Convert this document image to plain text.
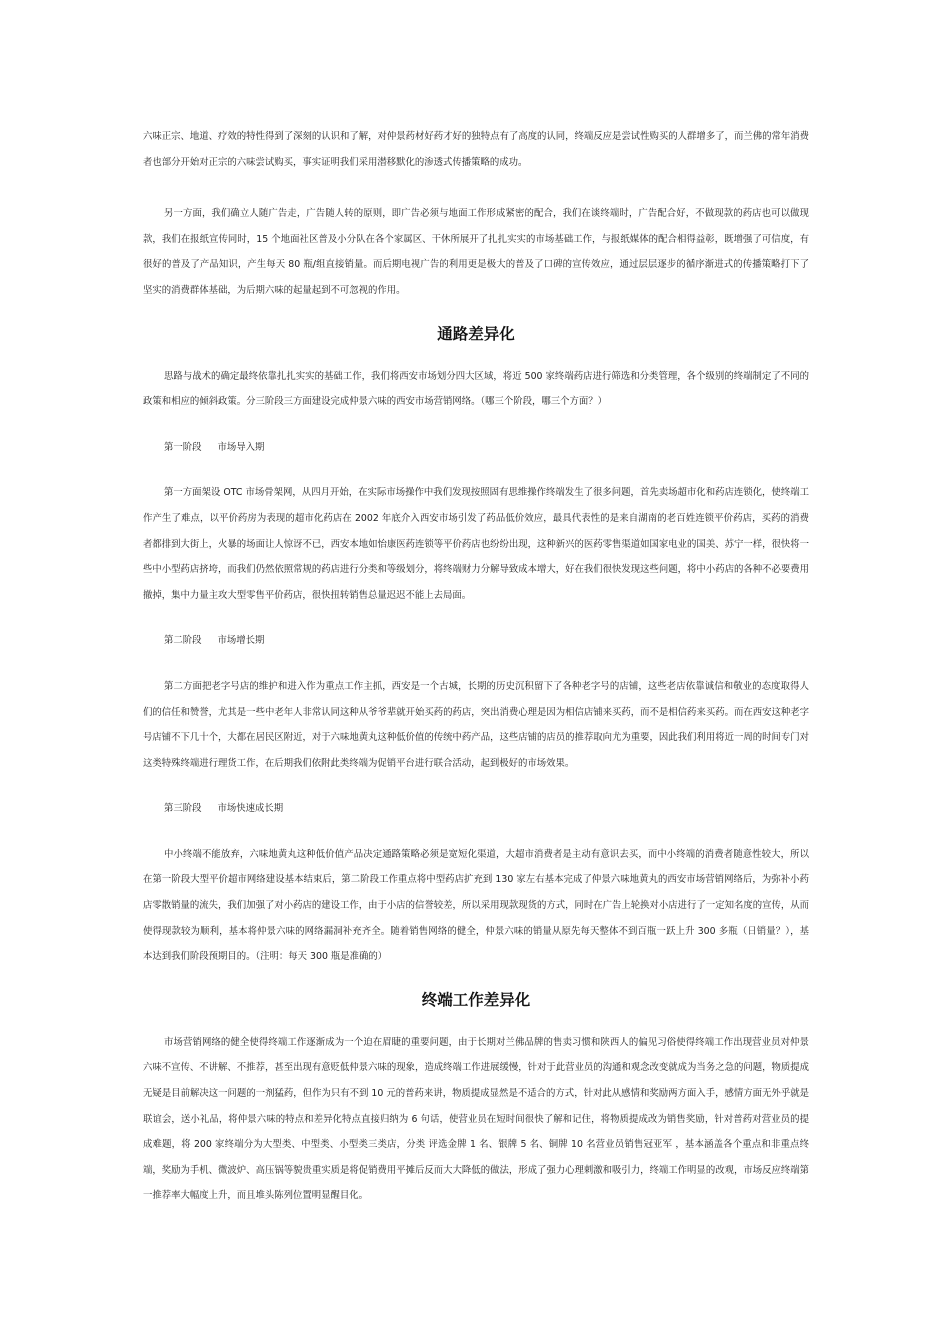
六味正宗、地道、疗效的特性得到了深刻的认识和了解，对仲景药材好药才好的独特点有了高度的认同，终端反应是尝试性购买的人群增多了，而兰佛的常年消费者也部分开始对正宗的六味尝试购买，事实证明我们采用潜移默化的渗透式传播策略的成功。

另一方面，我们确立人随广告走，广告随人转的原则，即广告必须与地面工作形成紧密的配合，我们在谈终端时，广告配合好，不做现款的药店也可以做现款，我们在报纸宣传同时，15 个地面社区普及小分队在各个家属区、干休所展开了扎扎实实的市场基础工作，与报纸媒体的配合相得益彰，既增强了可信度，有很好的普及了产品知识，产生每天 80 瓶/组直接销量。而后期电视广告的利用更是极大的普及了口碑的宣传效应，通过层层逐步的循序渐进式的传播策略打下了坚实的消费群体基础，为后期六味的起量起到不可忽视的作用。

通路差异化

思路与战术的确定最终依靠扎扎实实的基础工作，我们将西安市场划分四大区域，将近 500 家终端药店进行筛选和分类管理，各个级别的终端制定了不同的政策和相应的倾斜政策。分三阶段三方面建设完成仲景六味的西安市场营销网络。（哪三个阶段，哪三个方面？）

第一阶段 市场导入期

第一方面架设 OTC 市场骨架网，从四月开始，在实际市场操作中我们发现按照固有思维操作终端发生了很多问题，首先卖场超市化和药店连锁化，使终端工作产生了难点，以平价药房为表现的超市化药店在 2002 年底介入西安市场引发了药品低价效应，最具代表性的是来自湖南的老百姓连锁平价药店，买药的消费者都排到大街上，火暴的场面让人惊讶不已，西安本地如怡康医药连锁等平价药店也纷纷出现，这种新兴的医药零售渠道如国家电业的国美、苏宁一样，很快将一些中小型药店挤垮，而我们仍然依照常规的药店进行分类和等级划分，将终端财力分解导致成本增大，好在我们很快发现这些问题，将中小药店的各种不必要费用撤掉，集中力量主攻大型零售平价药店，很快扭转销售总量迟迟不能上去局面。

第二阶段 市场增长期

第二方面把老字号店的维护和进入作为重点工作主抓，西安是一个古城，长期的历史沉积留下了各种老字号的店铺，这些老店依靠诚信和敬业的态度取得人们的信任和赞誉，尤其是一些中老年人非常认同这种从爷爷辈就开始买药的药店，突出消费心理是因为相信店铺来买药，而不是相信药来买药。而在西安这种老字号店铺不下几十个，大都在居民区附近，对于六味地黄丸这种低价值的传统中药产品，这些店铺的店员的推荐取向尤为重要，因此我们利用将近一周的时间专门对这类特殊终端进行理货工作，在后期我们依附此类终端为促销平台进行联合活动，起到极好的市场效果。

第三阶段 市场快速成长期

中小终端不能放弃，六味地黄丸这种低价值产品决定通路策略必须是宽短化渠道，大超市消费者是主动有意识去买，而中小终端的消费者随意性较大，所以在第一阶段大型平价超市网络建设基本结束后，第二阶段工作重点将中型药店扩充到 130 家左右基本完成了仲景六味地黄丸的西安市场营销网络后，为弥补小药店零散销量的流失，我们加强了对小药店的建设工作，由于小店的信誉较差，所以采用现款现货的方式，同时在广告上轮换对小店进行了一定知名度的宣传，从而使得现款较为顺利，基本将仲景六味的网络漏洞补充齐全。随着销售网络的健全，仲景六味的销量从原先每天整体不到百瓶一跃上升 300 多瓶（日销量？），基本达到我们阶段预期目的。（注明：每天 300 瓶是准确的）

终端工作差异化

市场营销网络的健全使得终端工作逐渐成为一个迫在眉睫的重要问题，由于长期对兰佛品牌的售卖习惯和陕西人的偏见习俗使得终端工作出现营业员对仲景六味不宣传、不讲解、不推荐，甚至出现有意贬低仲景六味的现象，造成终端工作进展缓慢，针对于此营业员的沟通和观念改变就成为当务之急的问题，物质提成无疑是目前解决这一问题的一剂猛药，但作为只有不到 10 元的普药来讲，物质提成显然是不适合的方式，针对此从感情和奖励两方面入手，感情方面无外乎就是联谊会，送小礼品，将仲景六味的特点和差异化特点直接归纳为 6 句话，使营业员在短时间很快了解和记住，将物质提成改为销售奖励，针对普药对营业员的提成难题，将 200 家终端分为大型类、中型类、小型类三类店，分类 评选金牌 1 名、银牌 5 名、铜牌 10 名营业员销售冠亚军 ，基本涵盖各个重点和非重点终端，奖励为手机、微波炉、高压锅等貌贵重实质是将促销费用平摊后反而大大降低的做法，形成了强力心理刺激和吸引力，终端工作明显的改观，市场反应终端第一推荐率大幅度上升，而且堆头陈列位置明显醒目化。
